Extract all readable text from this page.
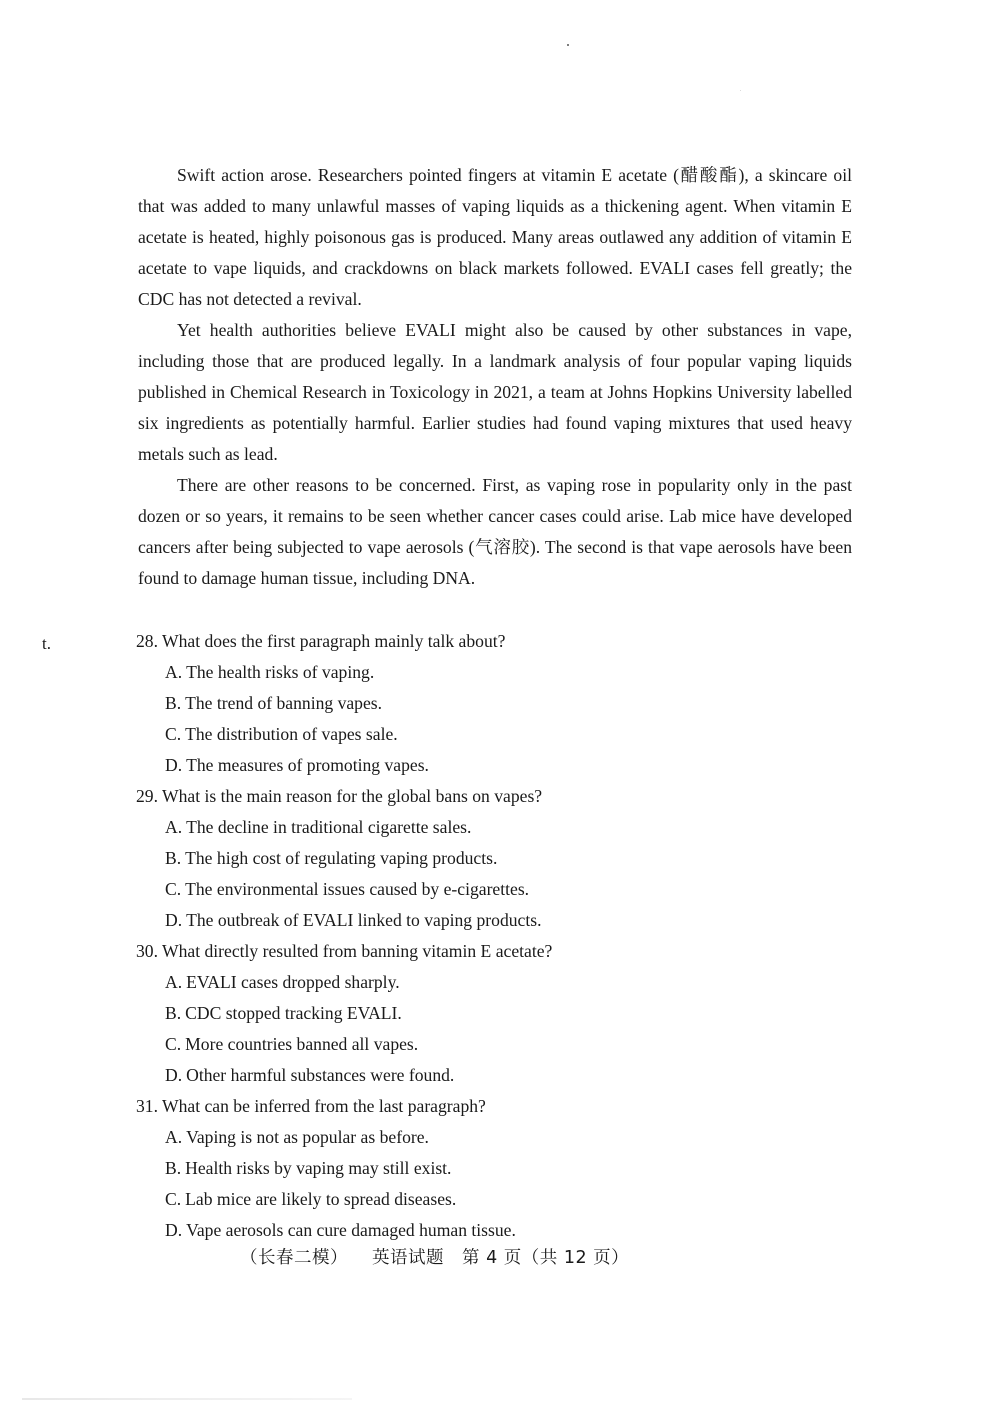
Swift action arose. Researchers pointed fingers at vitamin E acetate (醋酸酯), a skincare oil that was added to many unlawful masses of vaping liquids as a thickening agent. When vitamin E acetate is heated, highly poisonous gas is produced. Many areas outlawed any addition of vitamin E acetate to vape liquids, and crackdowns on black markets followed. EVALI cases fell greatly; the CDC has not detected a revival.

Yet health authorities believe EVALI might also be caused by other substances in vape, including those that are produced legally. In a landmark analysis of four popular vaping liquids published in Chemical Research in Toxicology in 2021, a team at Johns Hopkins University labelled six ingredients as potentially harmful. Earlier studies had found vaping mixtures that used heavy metals such as lead.

There are other reasons to be concerned. First, as vaping rose in popularity only in the past dozen or so years, it remains to be seen whether cancer cases could arise. Lab mice have developed cancers after being subjected to vape aerosols (气溶胶). The second is that vape aerosols have been found to damage human tissue, including DNA.

t.	28. What does the first paragraph mainly talk about?
A. The health risks of vaping.
B. The trend of banning vapes.
C. The distribution of vapes sale.
D. The measures of promoting vapes.
29. What is the main reason for the global bans on vapes?
A. The decline in traditional cigarette sales.
B. The high cost of regulating vaping products.
C. The environmental issues caused by e-cigarettes.
D. The outbreak of EVALI linked to vaping products.
30. What directly resulted from banning vitamin E acetate?
A. EVALI cases dropped sharply.
B. CDC stopped tracking EVALI.
C. More countries banned all vapes.
D. Other harmful substances were found.
31. What can be inferred from the last paragraph?
A. Vaping is not as popular as before.
B. Health risks by vaping may still exist.
C. Lab mice are likely to spread diseases.
D. Vape aerosols can cure damaged human tissue.
（长春二模） 英语试题 第 4 页（共 12 页）
